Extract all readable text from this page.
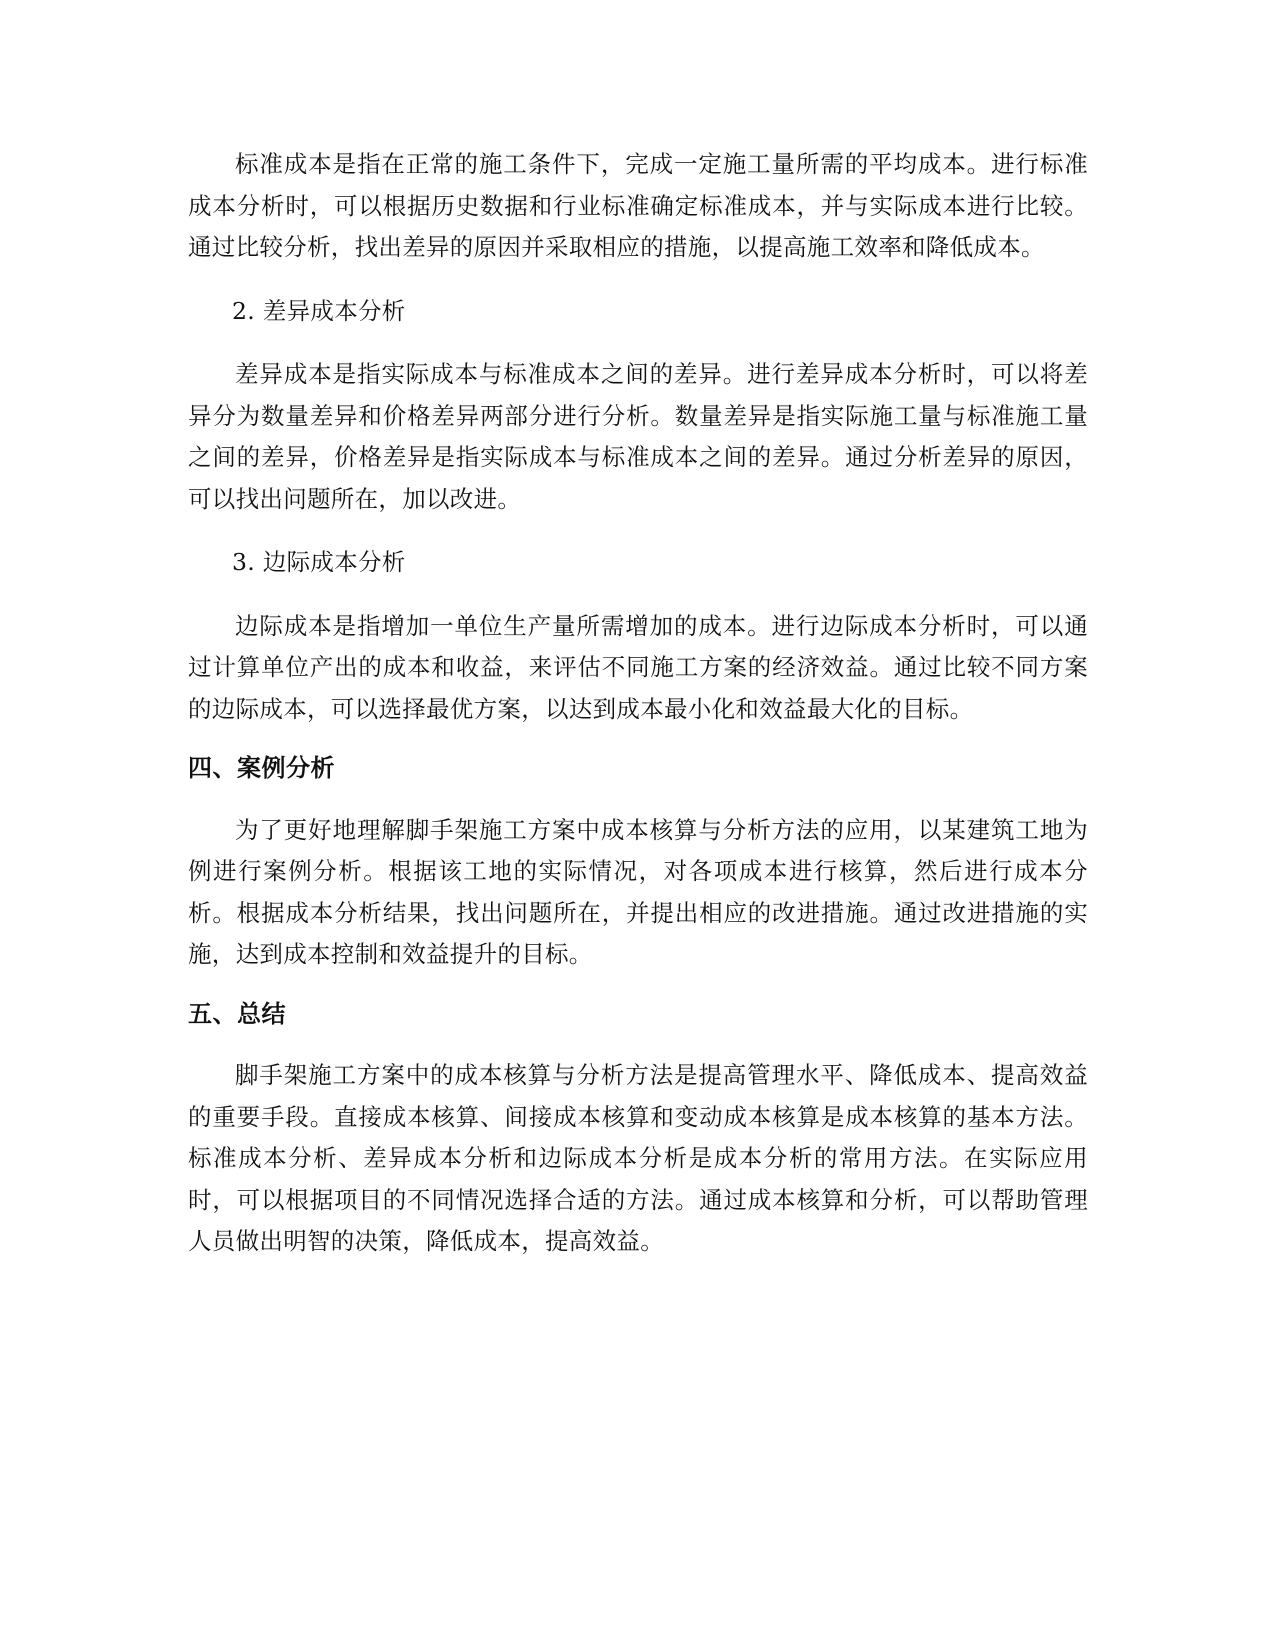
标准成本是指在正常的施工条件下，完成一定施工量所需的平均成本。进行标准成本分析时，可以根据历史数据和行业标准确定标准成本，并与实际成本进行比较。通过比较分析，找出差异的原因并采取相应的措施，以提高施工效率和降低成本。

2. 差异成本分析

差异成本是指实际成本与标准成本之间的差异。进行差异成本分析时，可以将差异分为数量差异和价格差异两部分进行分析。数量差异是指实际施工量与标准施工量之间的差异，价格差异是指实际成本与标准成本之间的差异。通过分析差异的原因，可以找出问题所在，加以改进。

3. 边际成本分析

边际成本是指增加一单位生产量所需增加的成本。进行边际成本分析时，可以通过计算单位产出的成本和收益，来评估不同施工方案的经济效益。通过比较不同方案的边际成本，可以选择最优方案，以达到成本最小化和效益最大化的目标。

四、案例分析

为了更好地理解脚手架施工方案中成本核算与分析方法的应用，以某建筑工地为例进行案例分析。根据该工地的实际情况，对各项成本进行核算，然后进行成本分析。根据成本分析结果，找出问题所在，并提出相应的改进措施。通过改进措施的实施，达到成本控制和效益提升的目标。

五、总结

脚手架施工方案中的成本核算与分析方法是提高管理水平、降低成本、提高效益的重要手段。直接成本核算、间接成本核算和变动成本核算是成本核算的基本方法。标准成本分析、差异成本分析和边际成本分析是成本分析的常用方法。在实际应用时，可以根据项目的不同情况选择合适的方法。通过成本核算和分析，可以帮助管理人员做出明智的决策，降低成本，提高效益。
